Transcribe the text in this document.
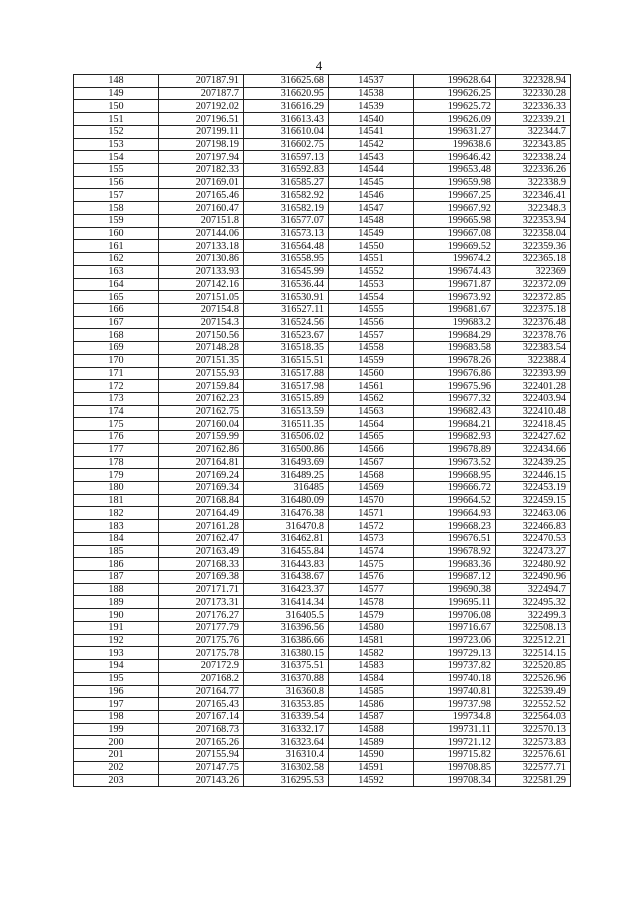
4
148	207187.91	316625.68	14537	199628.64	322328.94
149	207187.7	316620.95	14538	199626.25	322330.28
150	207192.02	316616.29	14539	199625.72	322336.33
151	207196.51	316613.43	14540	199626.09	322339.21
152	207199.11	316610.04	14541	199631.27	322344.7
153	207198.19	316602.75	14542	199638.6	322343.85
154	207197.94	316597.13	14543	199646.42	322338.24
155	207182.33	316592.83	14544	199653.48	322336.26
156	207169.01	316585.27	14545	199659.98	322338.9
157	207165.46	316582.92	14546	199667.25	322346.41
158	207160.47	316582.19	14547	199667.92	322348.3
159	207151.8	316577.07	14548	199665.98	322353.94
160	207144.06	316573.13	14549	199667.08	322358.04
161	207133.18	316564.48	14550	199669.52	322359.36
162	207130.86	316558.95	14551	199674.2	322365.18
163	207133.93	316545.99	14552	199674.43	322369
164	207142.16	316536.44	14553	199671.87	322372.09
165	207151.05	316530.91	14554	199673.92	322372.85
166	207154.8	316527.11	14555	199681.67	322375.18
167	207154.3	316524.56	14556	199683.2	322376.48
168	207150.56	316523.67	14557	199684.29	322378.76
169	207148.28	316518.35	14558	199683.58	322383.54
170	207151.35	316515.51	14559	199678.26	322388.4
171	207155.93	316517.88	14560	199676.86	322393.99
172	207159.84	316517.98	14561	199675.96	322401.28
173	207162.23	316515.89	14562	199677.32	322403.94
174	207162.75	316513.59	14563	199682.43	322410.48
175	207160.04	316511.35	14564	199684.21	322418.45
176	207159.99	316506.02	14565	199682.93	322427.62
177	207162.86	316500.86	14566	199678.89	322434.66
178	207164.81	316493.69	14567	199673.52	322439.25
179	207169.24	316489.25	14568	199668.95	322446.15
180	207169.34	316485	14569	199666.72	322453.19
181	207168.84	316480.09	14570	199664.52	322459.15
182	207164.49	316476.38	14571	199664.93	322463.06
183	207161.28	316470.8	14572	199668.23	322466.83
184	207162.47	316462.81	14573	199676.51	322470.53
185	207163.49	316455.84	14574	199678.92	322473.27
186	207168.33	316443.83	14575	199683.36	322480.92
187	207169.38	316438.67	14576	199687.12	322490.96
188	207171.71	316423.37	14577	199690.38	322494.7
189	207173.31	316414.34	14578	199695.11	322495.32
190	207176.27	316405.5	14579	199706.08	322499.3
191	207177.79	316396.56	14580	199716.67	322508.13
192	207175.76	316386.66	14581	199723.06	322512.21
193	207175.78	316380.15	14582	199729.13	322514.15
194	207172.9	316375.51	14583	199737.82	322520.85
195	207168.2	316370.88	14584	199740.18	322526.96
196	207164.77	316360.8	14585	199740.81	322539.49
197	207165.43	316353.85	14586	199737.98	322552.52
198	207167.14	316339.54	14587	199734.8	322564.03
199	207168.73	316332.17	14588	199731.11	322570.13
200	207165.26	316323.64	14589	199721.12	322573.83
201	207155.94	316310.4	14590	199715.82	322576.61
202	207147.75	316302.58	14591	199708.85	322577.71
203	207143.26	316295.53	14592	199708.34	322581.29
